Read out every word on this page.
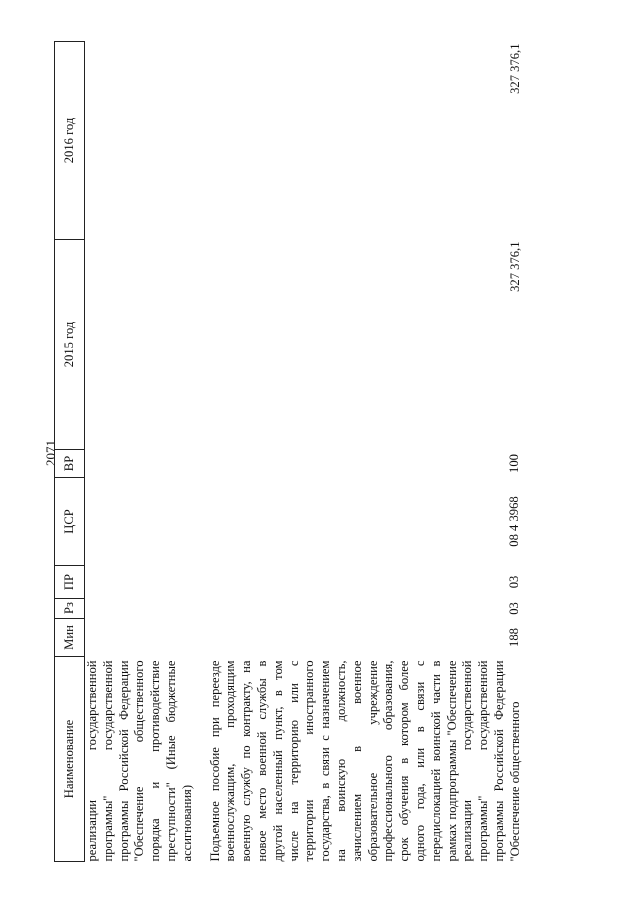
2071
Наименование	Мин	Рз	ПР	ЦСР	ВР	2015 год	2016 год
реализации государственной программы" государственной программы Российской Федерации "Обеспечение общественного порядка и противодействие преступности" (Иные бюджетные ассигнования)							
Подъемное пособие при переезде военнослужащим, проходящим военную службу по контракту, на новое место военной службы в другой населенный пункт, в том числе на территорию или с территории иностранного государства, в связи с назначением на воинскую должность, зачислением в военное образовательное учреждение профессионального образования, срок обучения в котором более одного года, или в связи с передислокацией воинской части в рамках подпрограммы "Обеспечение реализации государственной программы" государственной программы Российской Федерации "Обеспечение общественного	188	03	03	08 4 3968	100	327 376,1	327 376,1
